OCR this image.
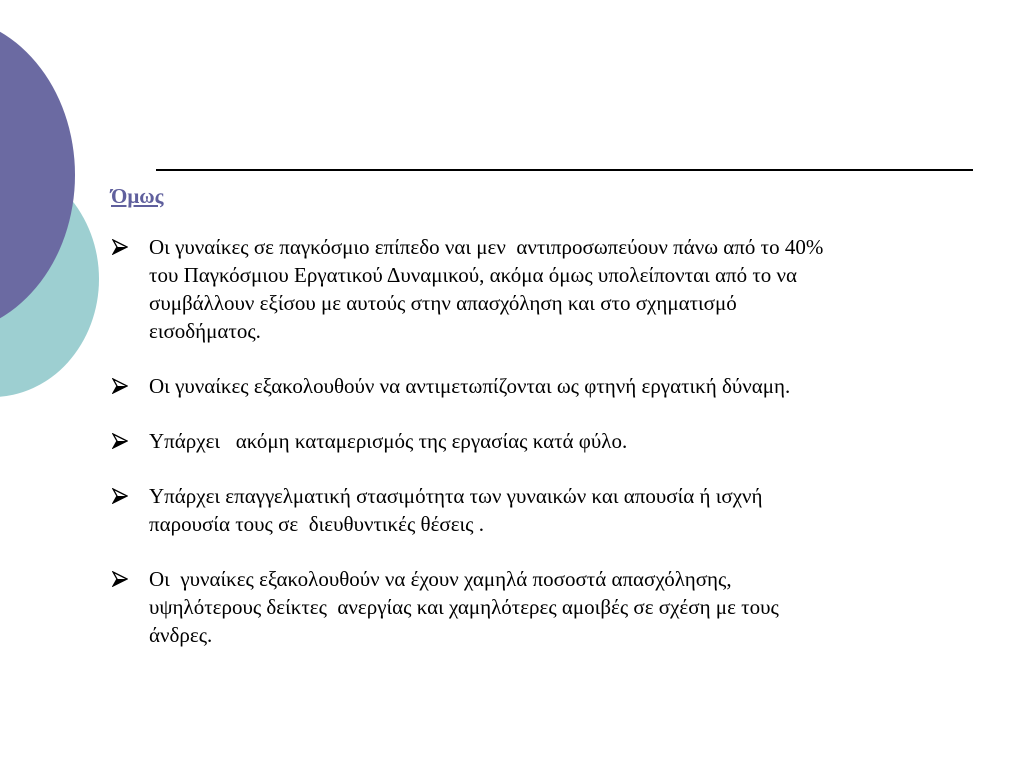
Όμως
Οι γυναίκες σε παγκόσμιο επίπεδο ναι μεν  αντιπροσωπεύουν πάνω από το 40%
του Παγκόσμιου Εργατικού Δυναμικού, ακόμα όμως υπολείπονται από το να
συμβάλλουν εξίσου με αυτούς στην απασχόληση και στο σχηματισμό
εισοδήματος.
Οι γυναίκες εξακολουθούν να αντιμετωπίζονται ως φτηνή εργατική δύναμη.
Υπάρχει   ακόμη καταμερισμός της εργασίας κατά φύλο.
Υπάρχει επαγγελματική στασιμότητα των γυναικών και απουσία ή ισχνή
παρουσία τους σε  διευθυντικές θέσεις .
Οι  γυναίκες εξακολουθούν να έχουν χαμηλά ποσοστά απασχόλησης,
υψηλότερους δείκτες  ανεργίας και χαμηλότερες αμοιβές σε σχέση με τους
άνδρες.
